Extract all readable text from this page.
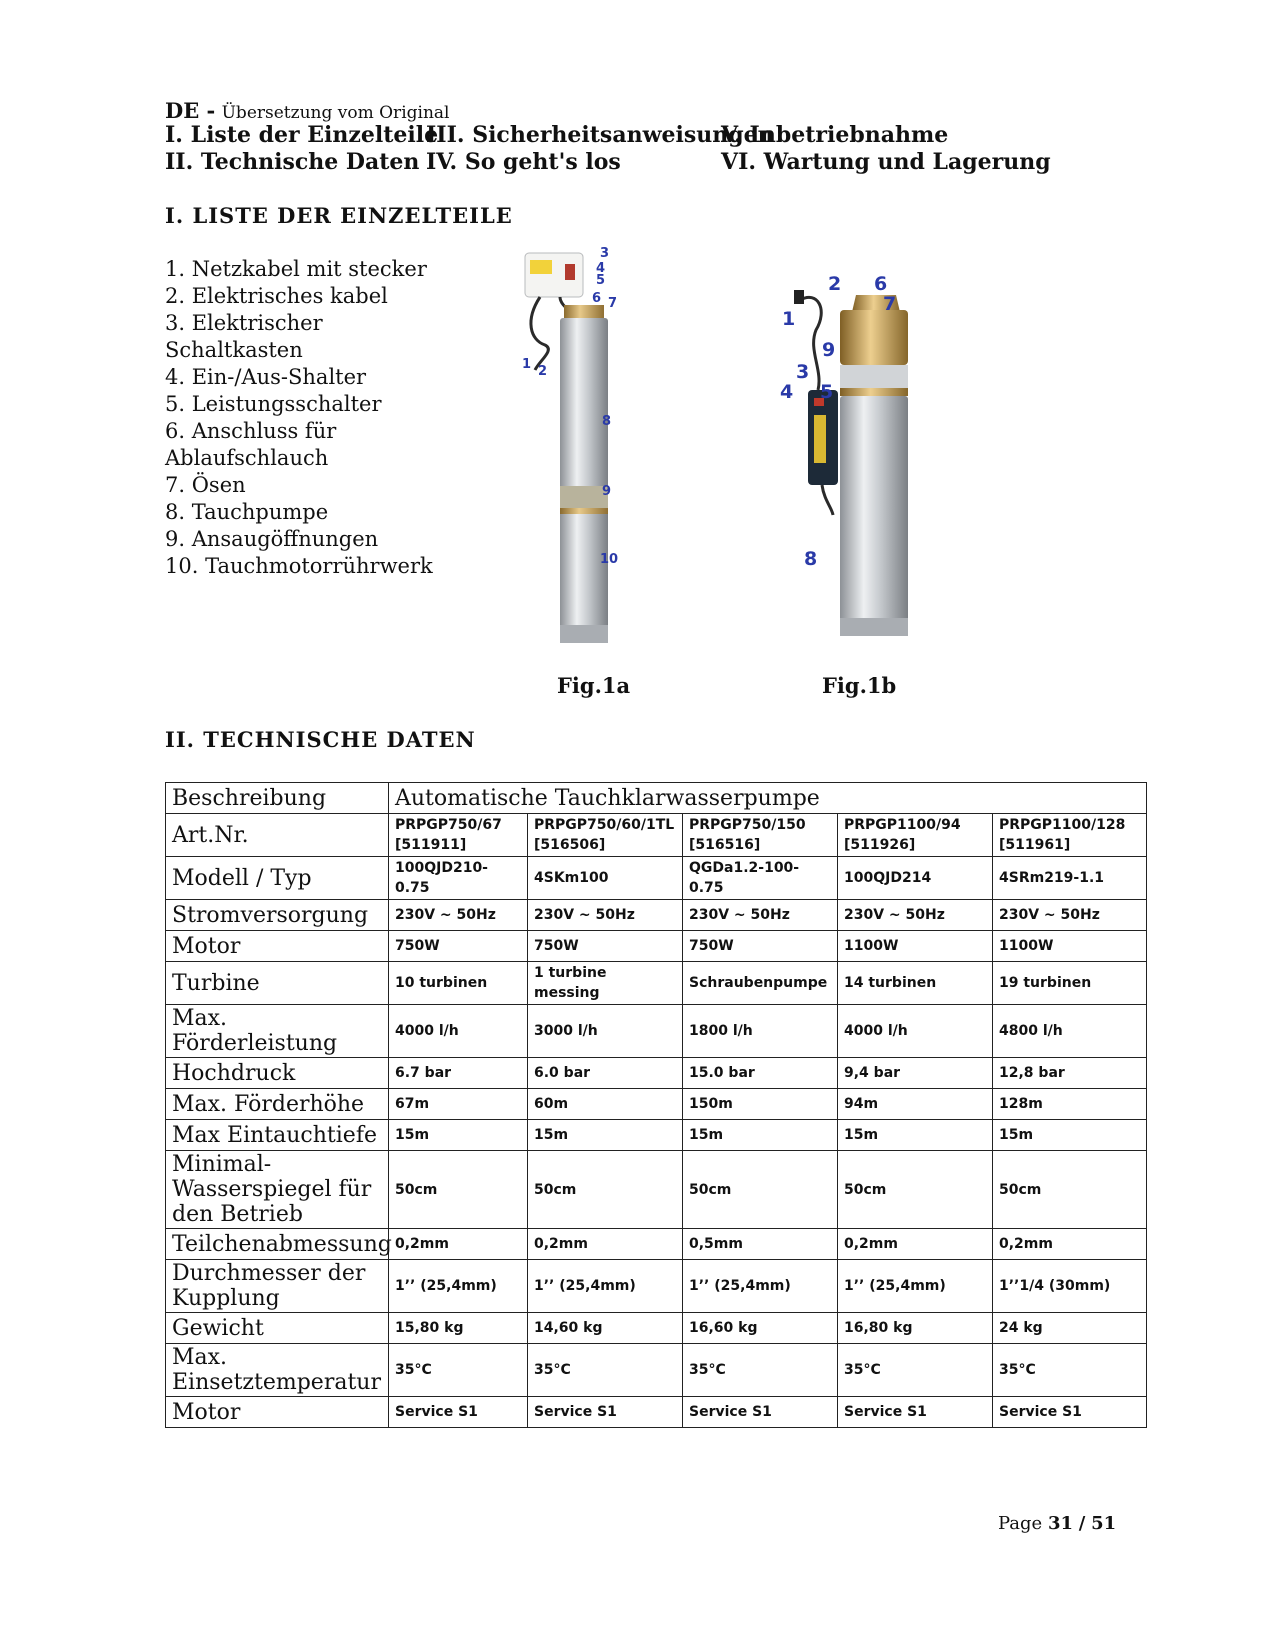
DE - Übersetzung vom Original
I. Liste der Einzelteile
II. Technische Daten
III. Sicherheitsanweisungen
IV. So geht's los
V. Inbetriebnahme
VI. Wartung und Lagerung
I. LISTE DER EINZELTEILE
1. Netzkabel mit stecker
2. Elektrisches kabel
3. Elektrischer Schaltkasten
4. Ein-/Aus-Shalter
5. Leistungsschalter
6. Anschluss für Ablaufschlauch
7. Ösen
8. Tauchpumpe
9. Ansaugöffnungen
10. Tauchmotorrührwerk
3
4
5
6 7
1 2
8
9
10
Fig.1a
2 6
7
1
9
3
4 5
8
Fig.1b
II. TECHNISCHE DATEN
Beschreibung	Automatische Tauchklarwasserpumpe				
Art.Nr.	PRPGP750/67 [511911]	PRPGP750/60/1TL [516506]	PRPGP750/150 [516516]	PRPGP1100/94 [511926]	PRPGP1100/128 [511961]
Modell / Typ	100QJD210-0.75	4SKm100	QGDa1.2-100-0.75	100QJD214	4SRm219-1.1
Stromversorgung	230V ~ 50Hz	230V ~ 50Hz	230V ~ 50Hz	230V ~ 50Hz	230V ~ 50Hz
Motor	750W	750W	750W	1100W	1100W
Turbine	10 turbinen	1 turbine messing	Schraubenpumpe	14 turbinen	19 turbinen
Max. Förderleistung	4000 l/h	3000 l/h	1800 l/h	4000 l/h	4800 l/h
Hochdruck	6.7 bar	6.0 bar	15.0 bar	9,4 bar	12,8 bar
Max. Förderhöhe	67m	60m	150m	94m	128m
Max Eintauchtiefe	15m	15m	15m	15m	15m
Minimal-Wasserspiegel für den Betrieb	50cm	50cm	50cm	50cm	50cm
Teilchenabmessung	0,2mm	0,2mm	0,5mm	0,2mm	0,2mm
Durchmesser der Kupplung	1’’ (25,4mm)	1’’ (25,4mm)	1’’ (25,4mm)	1’’ (25,4mm)	1’’1/4 (30mm)
Gewicht	15,80 kg	14,60 kg	16,60 kg	16,80 kg	24 kg
Max. Einsetztemperatur	35°C	35°C	35°C	35°C	35°C
Motor	Service S1	Service S1	Service S1	Service S1	Service S1
Page 31 / 51
